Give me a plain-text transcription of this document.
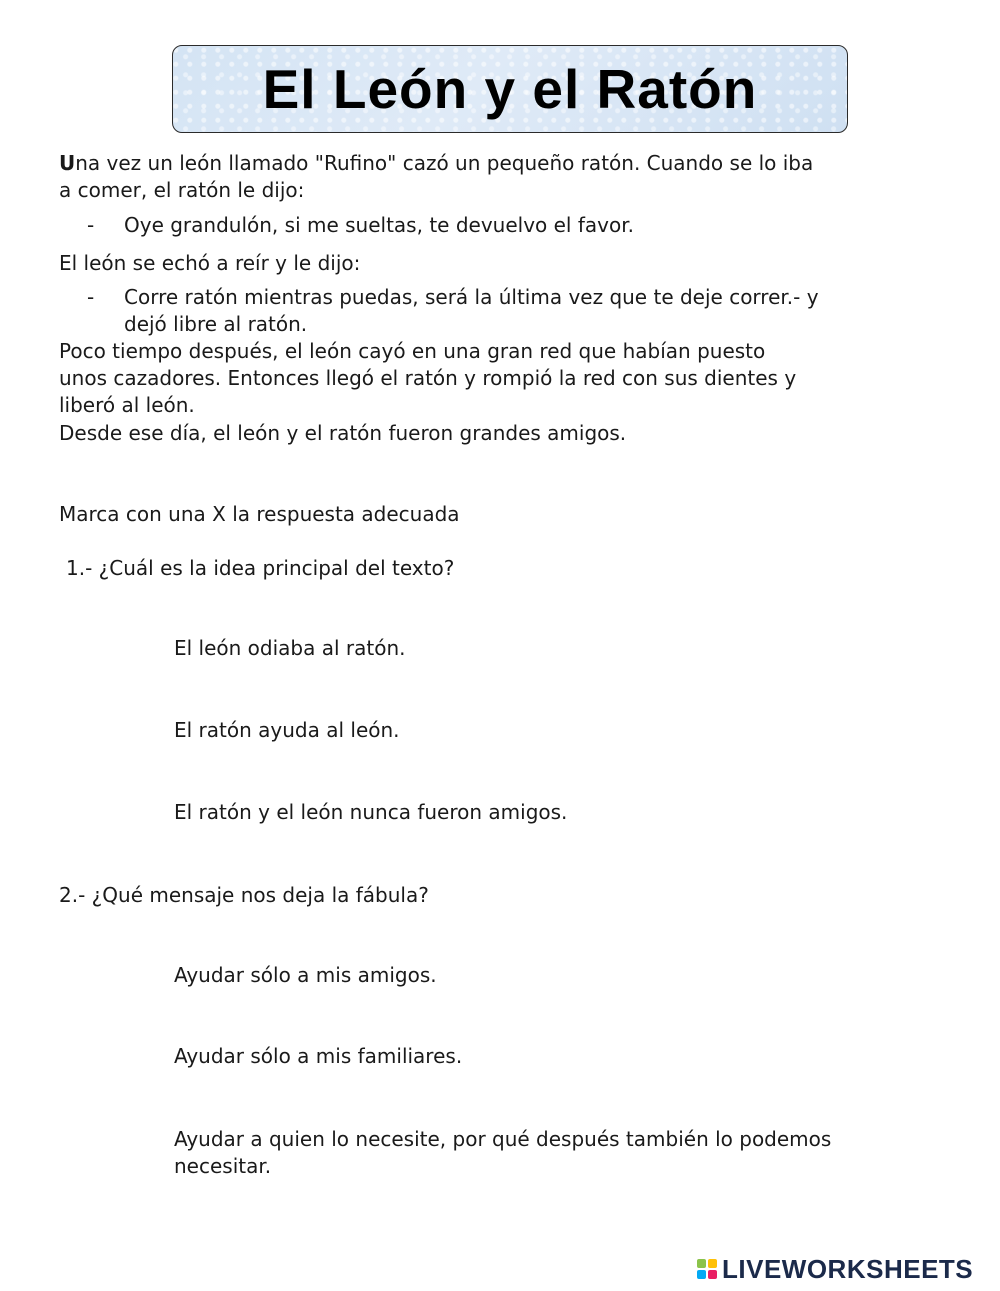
El León y el Ratón
Una vez un león llamado "Rufino" cazó un pequeño ratón. Cuando se lo iba
a comer, el ratón le dijo:
- Oye grandulón, si me sueltas, te devuelvo el favor.
El león se echó a reír y le dijo:
- Corre ratón mientras puedas, será la última vez que te deje correr.- y
dejó libre al ratón.
Poco tiempo después, el león cayó en una gran red que habían puesto
unos cazadores. Entonces llegó el ratón y rompió la red con sus dientes y
liberó al león.
Desde ese día, el león y el ratón fueron grandes amigos.
Marca con una X la respuesta adecuada
1.- ¿Cuál es la idea principal del texto?
El león odiaba al ratón.
El ratón ayuda al león.
El ratón y el león nunca fueron amigos.
2.- ¿Qué mensaje nos deja la fábula?
Ayudar sólo a mis amigos.
Ayudar sólo a mis familiares.
Ayudar a quien lo necesite, por qué después también lo podemos
necesitar.
LIVEWORKSHEETS
